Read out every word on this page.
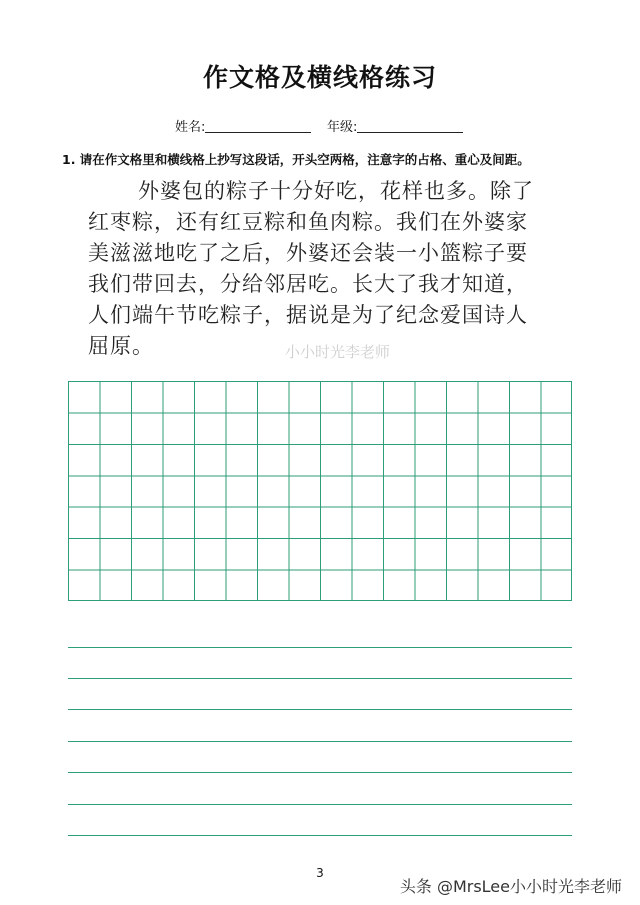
作文格及横线格练习
姓名:	年级:
1. 请在作文格里和横线格上抄写这段话，开头空两格，注意字的占格、重心及间距。
外婆包的粽子十分好吃，花样也多。除了
红枣粽，还有红豆粽和鱼肉粽。我们在外婆家
美滋滋地吃了之后，外婆还会装一小篮粽子要
我们带回去，分给邻居吃。长大了我才知道，
人们端午节吃粽子，据说是为了纪念爱国诗人
屈原。	小小时光李老师
3
头条 @MrsLee小小时光李老师
